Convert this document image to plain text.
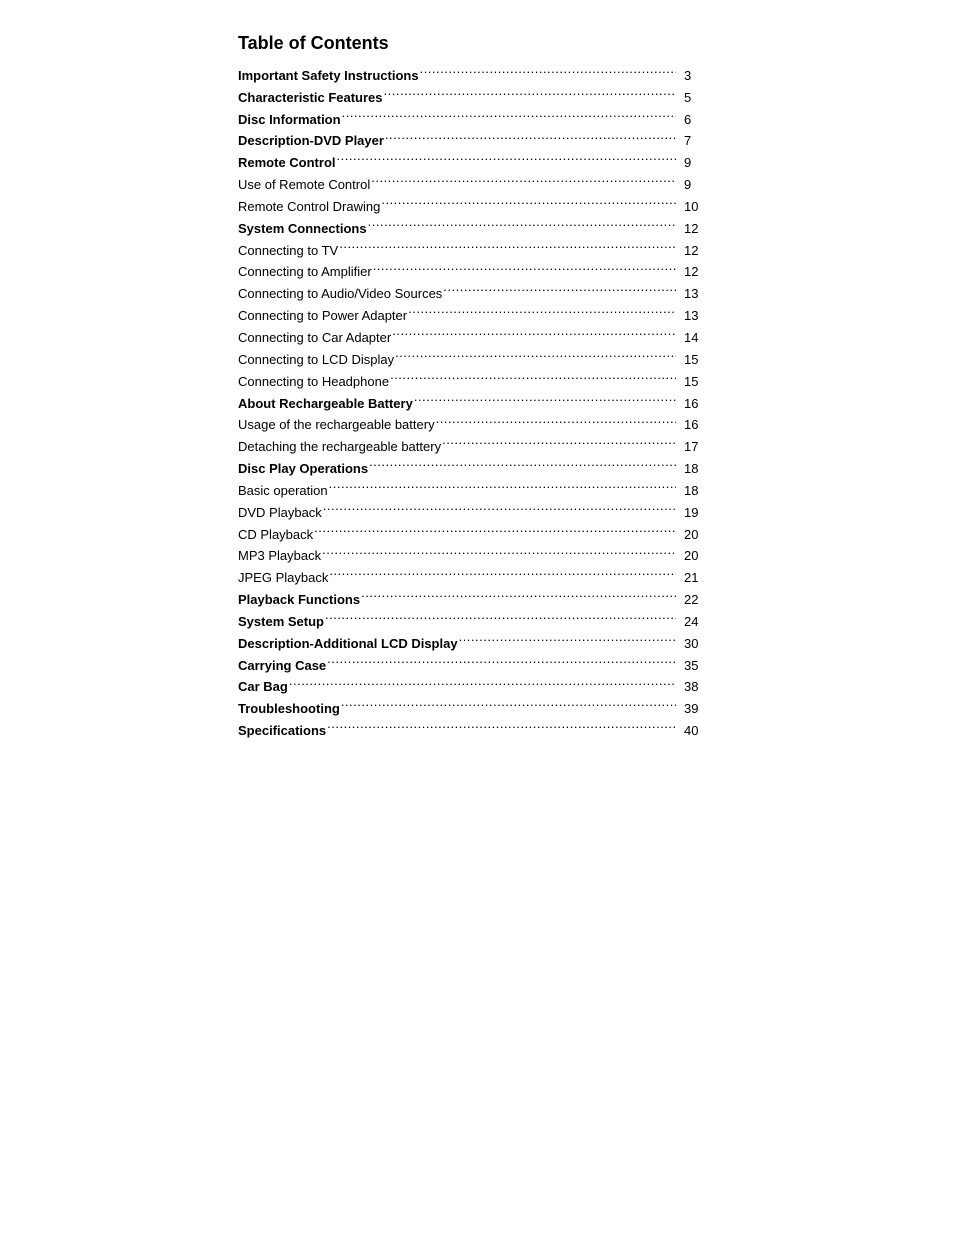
Table of Contents
Important Safety Instructions .....	3
Characteristic Features .....	5
Disc Information .....	6
Description-DVD Player .....	7
Remote Control .....	9
Use of Remote Control .....	9
Remote Control Drawing .....	10
System Connections .....	12
Connecting to TV .....	12
Connecting to Amplifier .....	12
Connecting to Audio/Video Sources .....	13
Connecting to Power Adapter .....	13
Connecting to Car Adapter .....	14
Connecting to LCD Display .....	15
Connecting to Headphone .....	15
About Rechargeable Battery .....	16
Usage of the rechargeable battery .....	16
Detaching the rechargeable battery .....	17
Disc Play Operations .....	18
Basic operation .....	18
DVD Playback .....	19
CD Playback .....	20
MP3 Playback .....	20
JPEG Playback .....	21
Playback Functions .....	22
System Setup .....	24
Description-Additional LCD Display .....	30
Carrying Case .....	35
Car Bag .....	38
Troubleshooting .....	39
Specifications .....	40
